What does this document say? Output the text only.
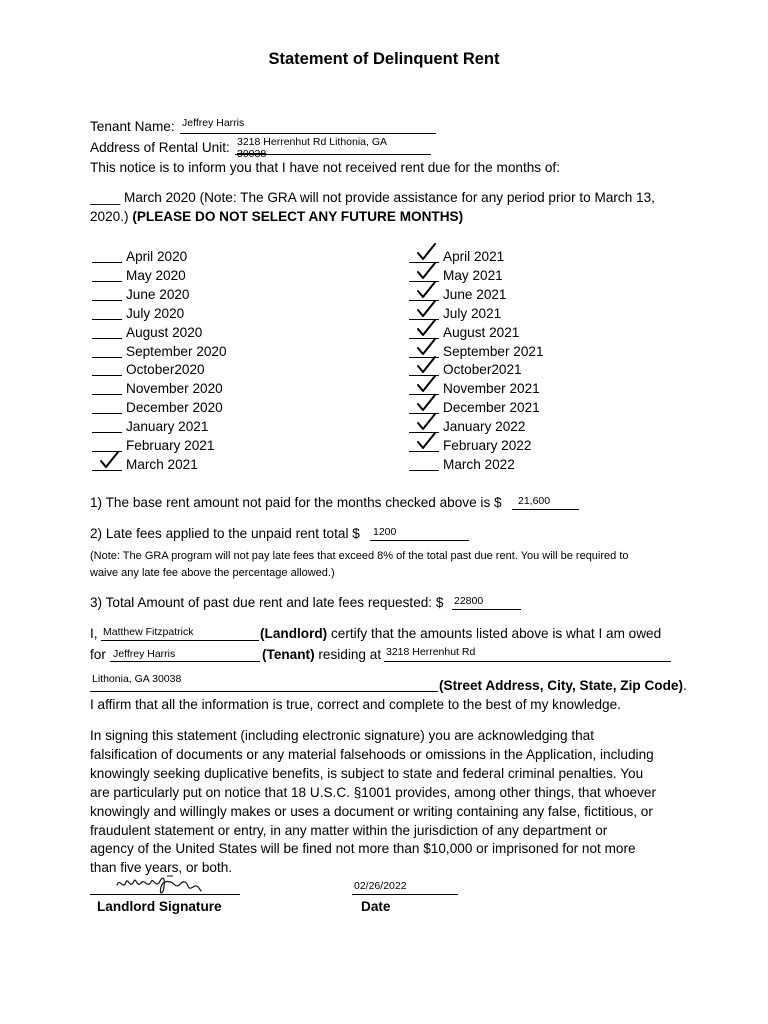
Statement of Delinquent Rent
Tenant Name: Jeffrey Harris
Address of Rental Unit: 3218 Herrenhut Rd Lithonia, GA
30038
This notice is to inform you that I have not received rent due for the months of:
____ March 2020 (Note: The GRA will not provide assistance for any period prior to March 13,
2020.) (PLEASE DO NOT SELECT ANY FUTURE MONTHS)
April 2020
May 2020
June 2020
July 2020
August 2020
September 2020
October2020
November 2020
December 2020
January 2021
February 2021
March 2021
April 2021
May 2021
June 2021
July 2021
August 2021
September 2021
October2021
November 2021
December 2021
January 2022
February 2022
March 2022
1) The base rent amount not paid for the months checked above is $ 21,600
2) Late fees applied to the unpaid rent total $ 1200
(Note: The GRA program will not pay late fees that exceed 8% of the total past due rent. You will be required to
waive any late fee above the percentage allowed.)
3) Total Amount of past due rent and late fees requested: $ 22800
I, Matthew Fitzpatrick	(Landlord) certify that the amounts listed above is what I am owed
for Jeffrey Harris	(Tenant) residing at 3218 Herrenhut Rd
Lithonia, GA 30038	(Street Address, City, State, Zip Code).
I affirm that all the information is true, correct and complete to the best of my knowledge.
In signing this statement (including electronic signature) you are acknowledging that
falsification of documents or any material falsehoods or omissions in the Application, including
knowingly seeking duplicative benefits, is subject to state and federal criminal penalties. You
are particularly put on notice that 18 U.S.C. §1001 provides, among other things, that whoever
knowingly and willingly makes or uses a document or writing containing any false, fictitious, or
fraudulent statement or entry, in any matter within the jurisdiction of any department or
agency of the United States will be fined not more than $10,000 or imprisoned for not more
than five years, or both.
02/26/2022
Landlord Signature	Date
